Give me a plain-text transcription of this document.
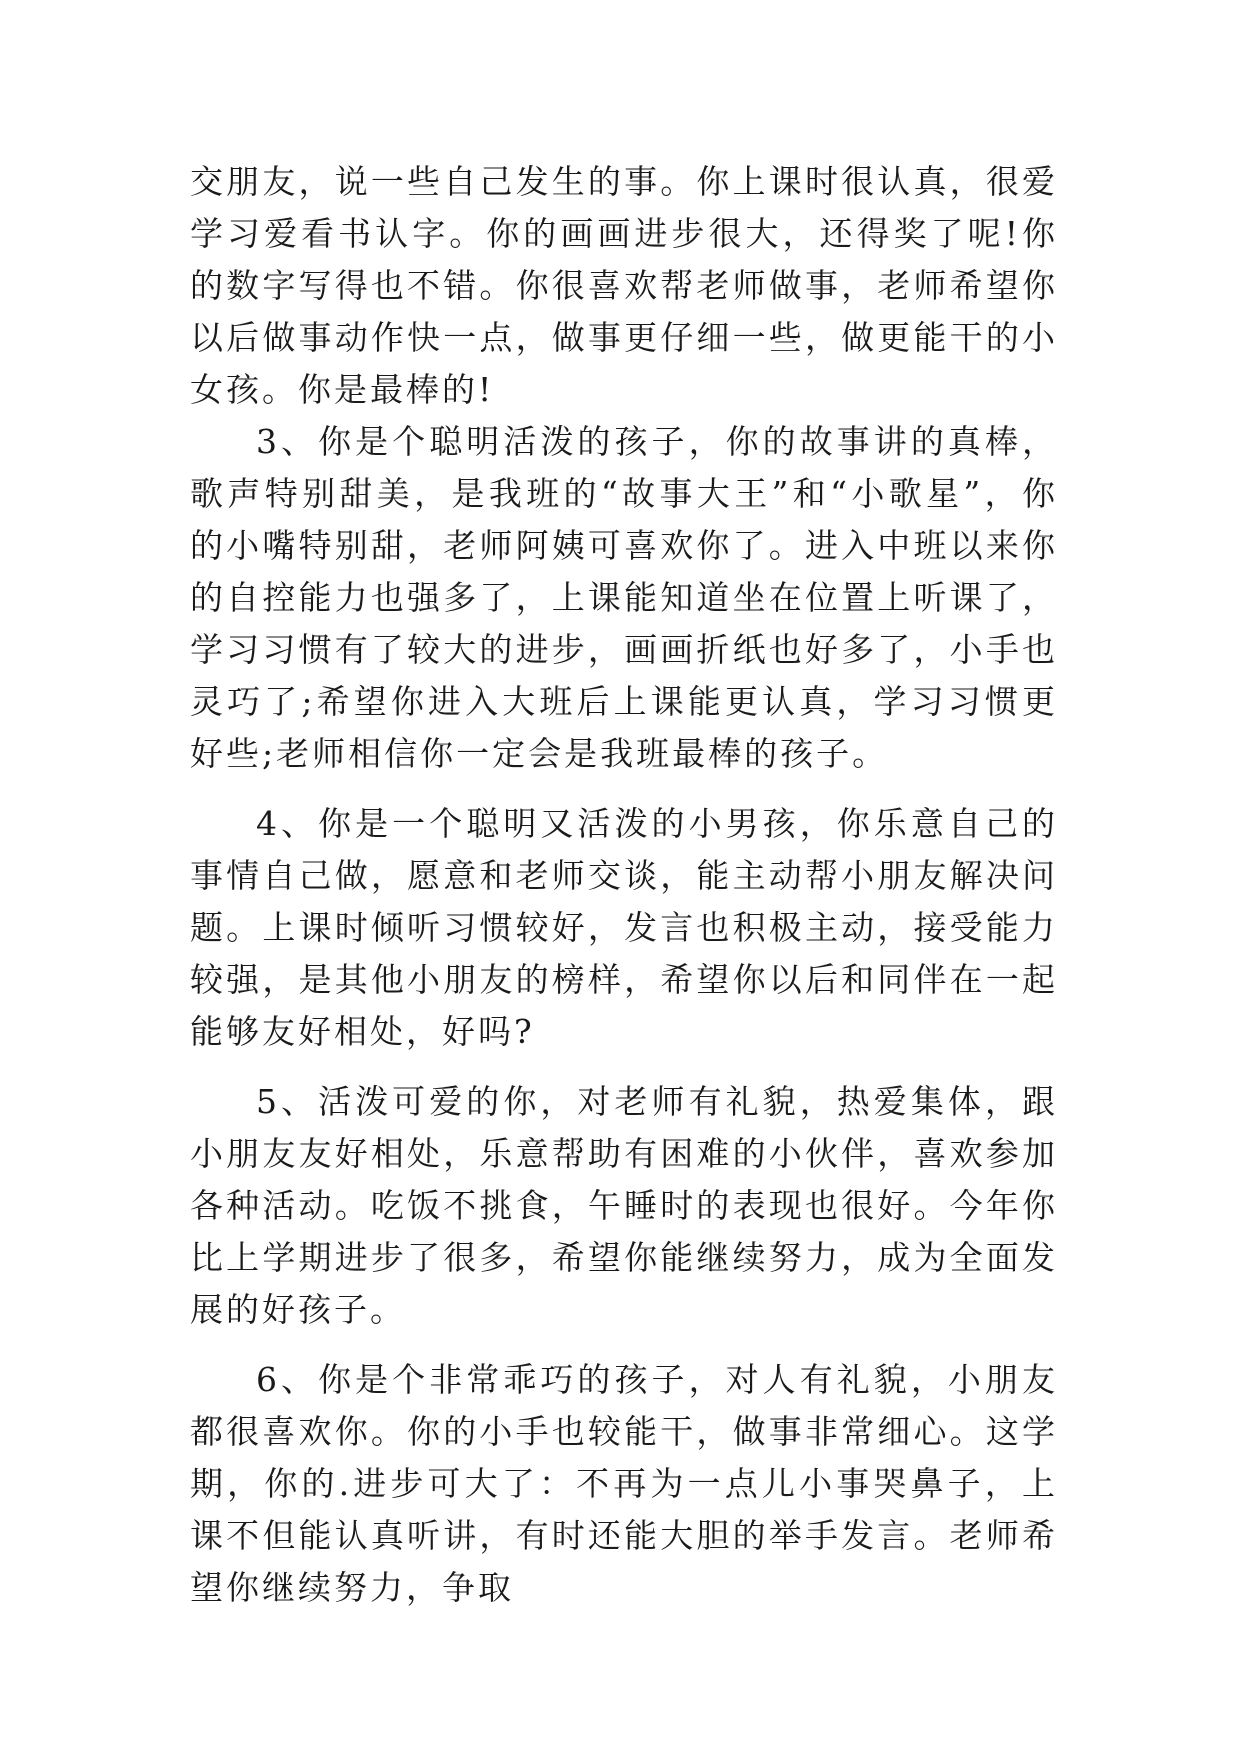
交朋友，说一些自己发生的事。你上课时很认真，很爱学习爱看书认字。你的画画进步很大，还得奖了呢!你的数字写得也不错。你很喜欢帮老师做事，老师希望你以后做事动作快一点，做事更仔细一些，做更能干的小女孩。你是最棒的!

3、你是个聪明活泼的孩子，你的故事讲的真棒，歌声特别甜美，是我班的“故事大王”和“小歌星”，你的小嘴特别甜，老师阿姨可喜欢你了。进入中班以来你的自控能力也强多了，上课能知道坐在位置上听课了，学习习惯有了较大的进步，画画折纸也好多了，小手也灵巧了;希望你进入大班后上课能更认真，学习习惯更好些;老师相信你一定会是我班最棒的孩子。

4、你是一个聪明又活泼的小男孩，你乐意自己的事情自己做，愿意和老师交谈，能主动帮小朋友解决问题。上课时倾听习惯较好，发言也积极主动，接受能力较强，是其他小朋友的榜样，希望你以后和同伴在一起能够友好相处，好吗?

5、活泼可爱的你，对老师有礼貌，热爱集体，跟小朋友友好相处，乐意帮助有困难的小伙伴，喜欢参加各种活动。吃饭不挑食，午睡时的表现也很好。今年你比上学期进步了很多，希望你能继续努力，成为全面发展的好孩子。

6、你是个非常乖巧的孩子，对人有礼貌，小朋友都很喜欢你。你的小手也较能干，做事非常细心。这学期，你的.进步可大了：不再为一点儿小事哭鼻子，上课不但能认真听讲，有时还能大胆的举手发言。老师希望你继续努力，争取
